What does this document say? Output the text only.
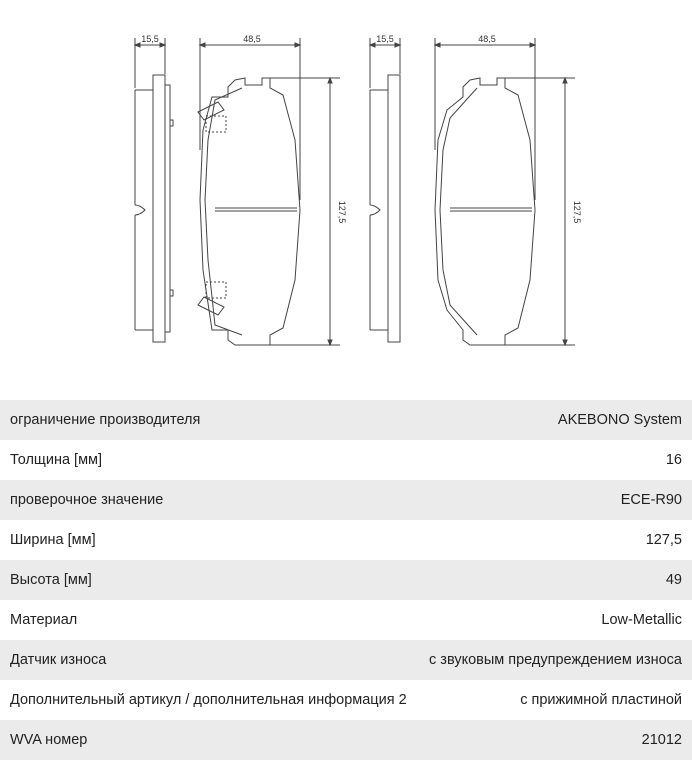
15,5	48,5
127,5
15,5	48,5
127,5
ограничение производителя	AKEBONO System
Толщина [мм]	16
проверочное значение	ECE-R90
Ширина [мм]	127,5
Высота [мм]	49
Материал	Low-Metallic
Датчик износа	с звуковым предупреждением износа
Дополнительный артикул / дополнительная информация 2	с прижимной пластиной
WVA номер	21012
